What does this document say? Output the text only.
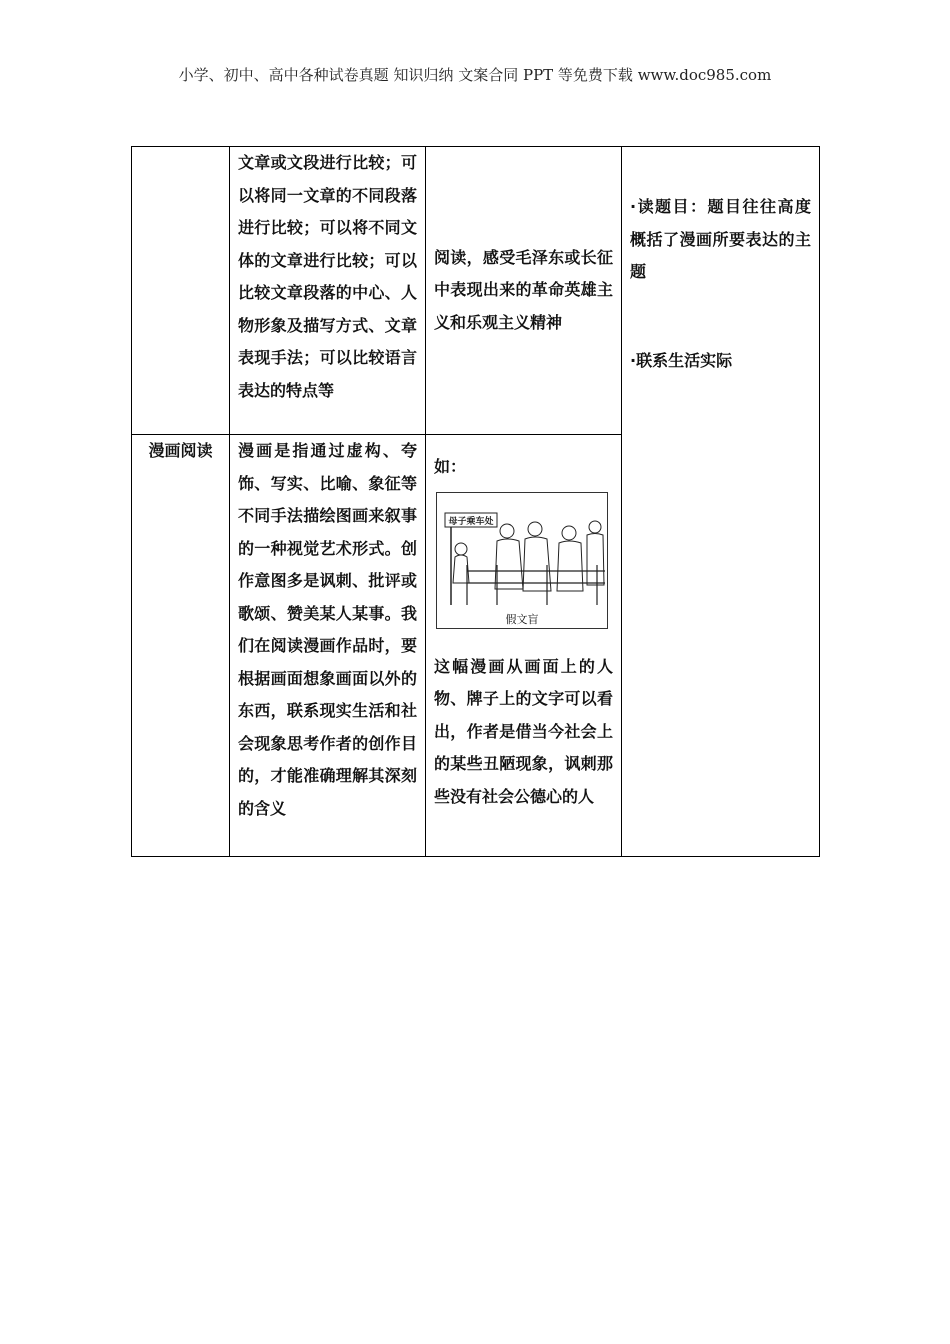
小学、初中、高中各种试卷真题 知识归纳 文案合同 PPT 等免费下载 www.doc985.com
	文章或文段进行比较；可以将同一文章的不同段落进行比较；可以将不同文体的文章进行比较；可以比较文章段落的中心、人物形象及描写方式、文章表现手法；可以比较语言表达的特点等	阅读，感受毛泽东或长征中表现出来的革命英雄主义和乐观主义精神	·读题目：题目往往高度概括了漫画所要表达的主题
·联系生活实际

漫画阅读	漫画是指通过虚构、夸饰、写实、比喻、象征等不同手法描绘图画来叙事的一种视觉艺术形式。创作意图多是讽刺、批评或歌颂、赞美某人某事。我们在阅读漫画作品时，要根据画面想象画面以外的东西，联系现实生活和社会现象思考作者的创作目的，才能准确理解其深刻的含义	如：
母子乘车处
假文盲
这幅漫画从画面上的人物、牌子上的文字可以看出，作者是借当今社会上的某些丑陋现象，讽刺那些没有社会公德心的人	
